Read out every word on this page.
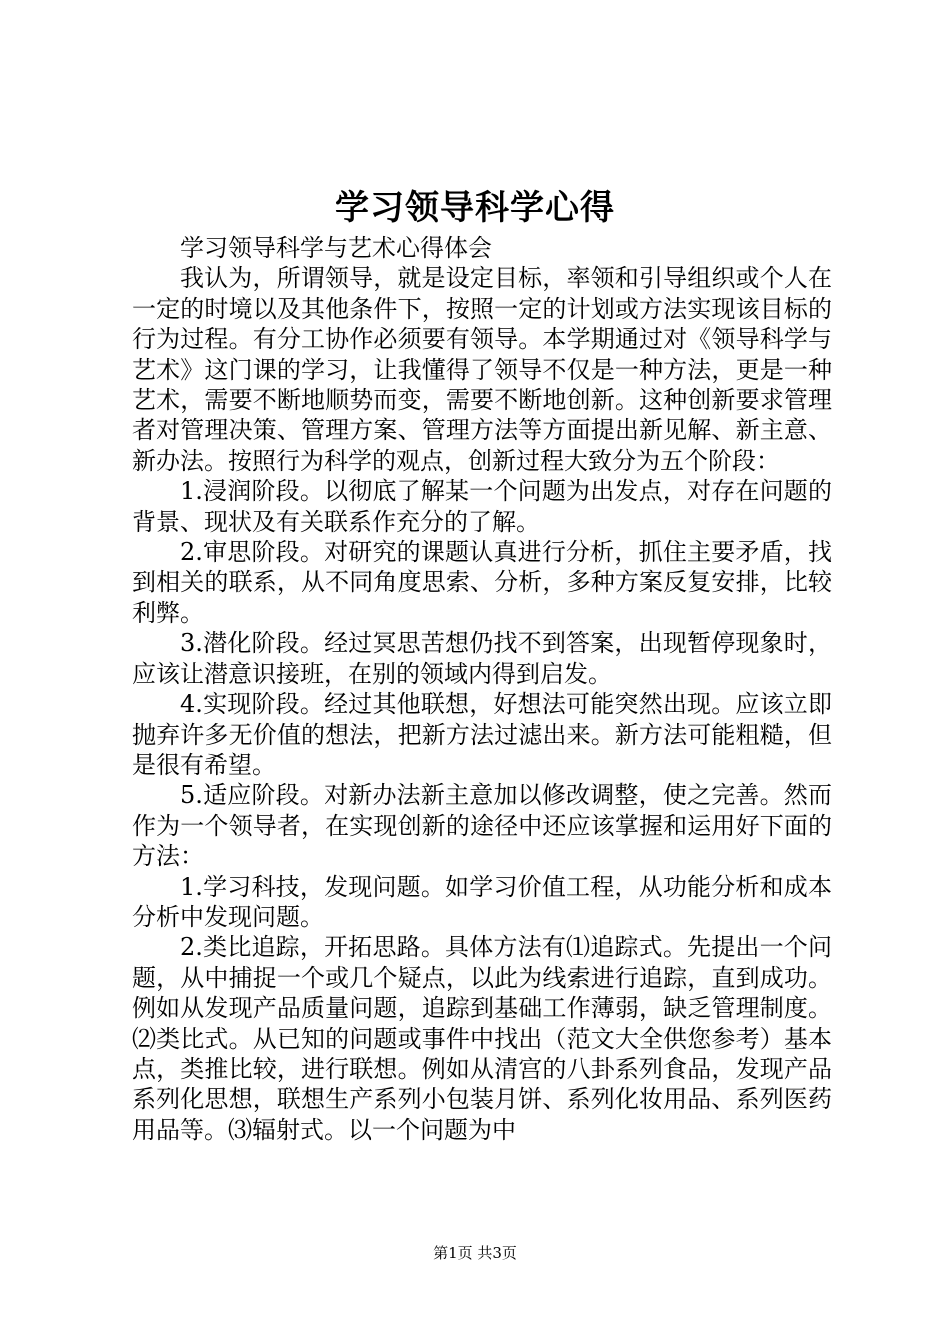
学习领导科学心得

学习领导科学与艺术心得体会

我认为，所谓领导，就是设定目标，率领和引导组织或个人在一定的时境以及其他条件下，按照一定的计划或方法实现该目标的行为过程。有分工协作必须要有领导。本学期通过对《领导科学与艺术》这门课的学习，让我懂得了领导不仅是一种方法，更是一种艺术，需要不断地顺势而变，需要不断地创新。这种创新要求管理者对管理决策、管理方案、管理方法等方面提出新见解、新主意、新办法。按照行为科学的观点，创新过程大致分为五个阶段：

1.浸润阶段。以彻底了解某一个问题为出发点，对存在问题的背景、现状及有关联系作充分的了解。

2.审思阶段。对研究的课题认真进行分析，抓住主要矛盾，找到相关的联系，从不同角度思索、分析，多种方案反复安排，比较利弊。

3.潜化阶段。经过冥思苦想仍找不到答案，出现暂停现象时，应该让潜意识接班，在别的领域内得到启发。

4.实现阶段。经过其他联想，好想法可能突然出现。应该立即抛弃许多无价值的想法，把新方法过滤出来。新方法可能粗糙，但是很有希望。

5.适应阶段。对新办法新主意加以修改调整，使之完善。然而作为一个领导者，在实现创新的途径中还应该掌握和运用好下面的方法：

1.学习科技，发现问题。如学习价值工程，从功能分析和成本分析中发现问题。

2.类比追踪，开拓思路。具体方法有⑴追踪式。先提出一个问题，从中捕捉一个或几个疑点，以此为线索进行追踪，直到成功。例如从发现产品质量问题，追踪到基础工作薄弱，缺乏管理制度。⑵类比式。从已知的问题或事件中找出（范文大全供您参考）基本点，类推比较，进行联想。例如从清宫的八卦系列食品，发现产品系列化思想，联想生产系列小包装月饼、系列化妆用品、系列医药用品等。⑶辐射式。以一个问题为中

第1页 共3页
